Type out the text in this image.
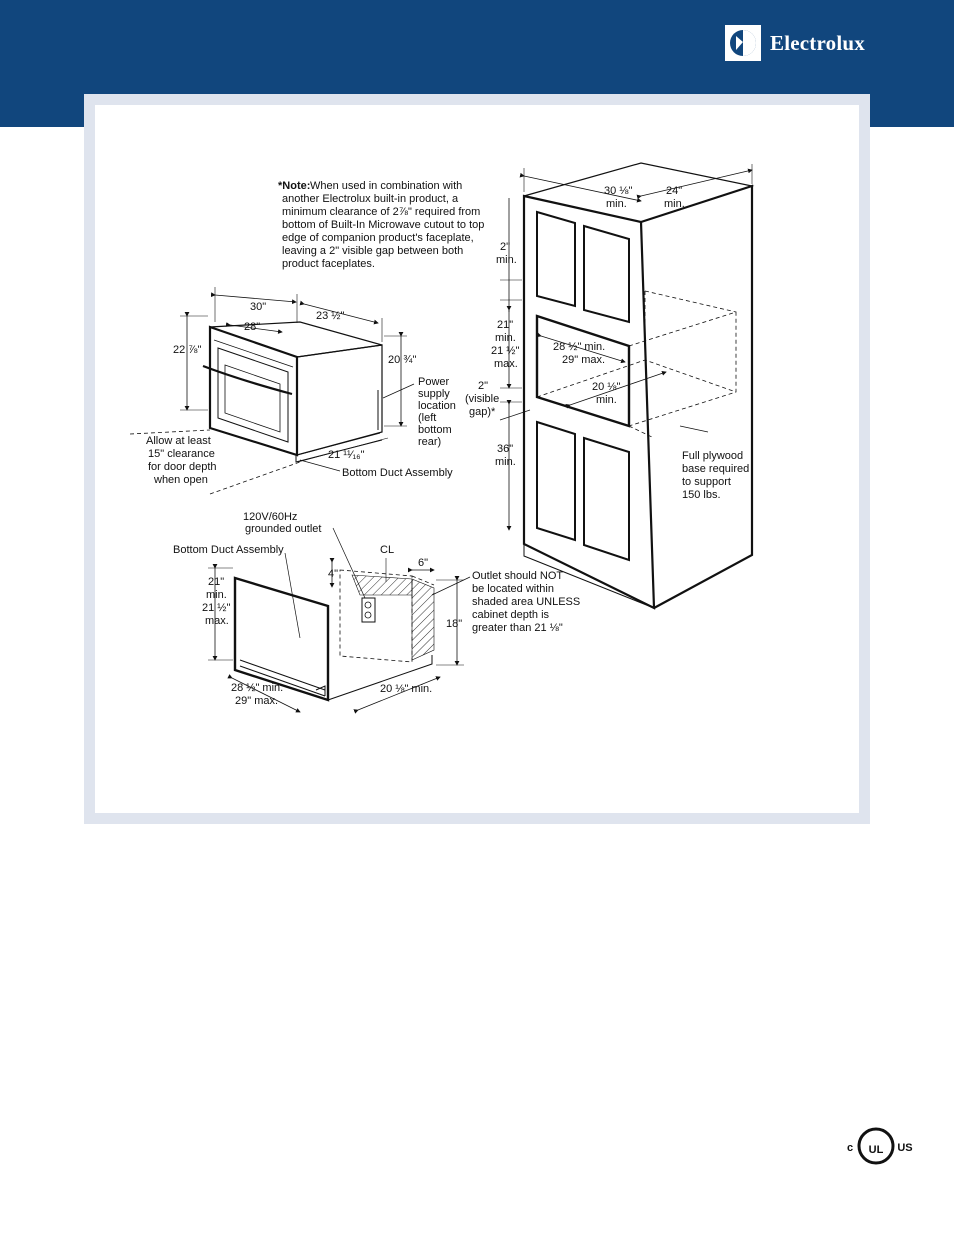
Electrolux
*Note: When used in combination with
another Electrolux built-in product, a
minimum clearance of 2⅞" required from
bottom of Built-In Microwave cutout to top
edge of companion product's faceplate,
leaving a 2" visible gap between both
product faceplates.
30"
28"
23 ½"
22 ⅞"
20 ¾"
Power
supply
location
(left
bottom
rear)
Allow at least
15" clearance
for door depth
when open
21 ¹¹⁄₁₆"
Bottom Duct Assembly
120V/60Hz
grounded outlet
Bottom Duct Assembly	CL
6"
4"
21"
min.
21 ½"
max.
28 ½" min.
29" max.
20 ⅛" min.
18"
Outlet should NOT
be located within
shaded area UNLESS
cabinet depth is
greater than 21 ⅛"
30 ⅛"
min.
24"
min.
2"
min.
21"
min.
21 ½"
max.
28 ½" min.
29" max.
20 ⅛"
min.
2"
(visible
gap)*
36"
min.	Full plywood
base required
to support
150 lbs.
UL
c	US
